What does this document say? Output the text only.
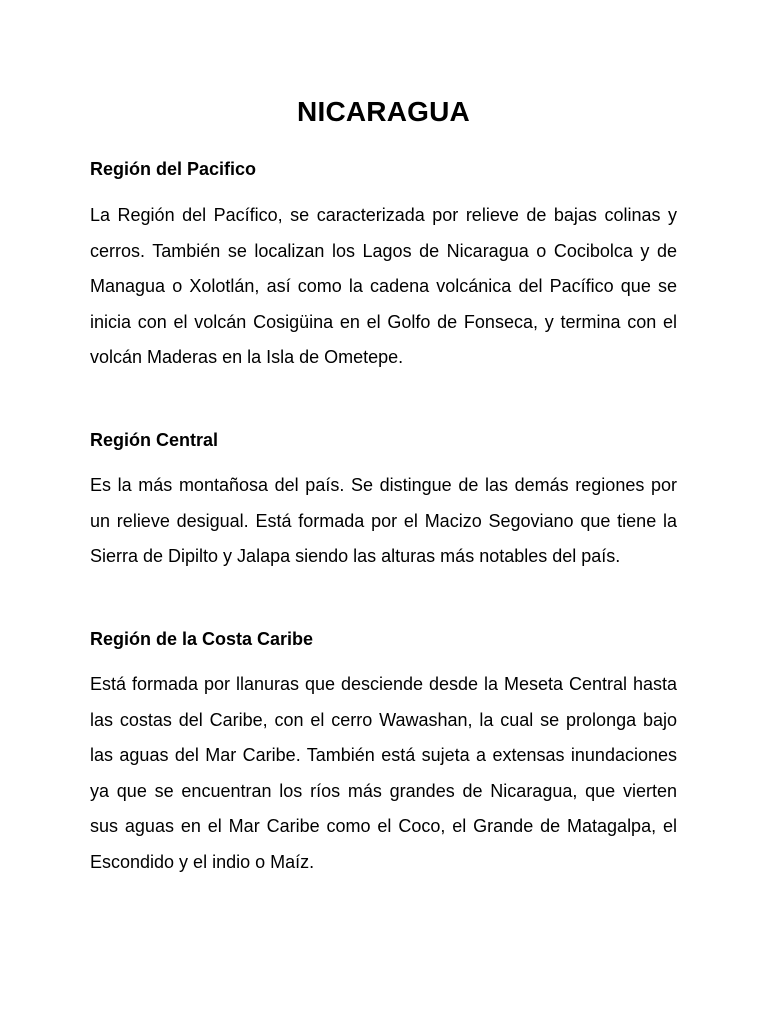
NICARAGUA
Región del Pacifico

La Región del Pacífico, se caracterizada por relieve de bajas colinas y cerros. También se localizan los Lagos de Nicaragua o Cocibolca y de Managua o Xolotlán, así como la cadena volcánica del Pacífico que se inicia con el volcán Cosigüina en el Golfo de Fonseca, y termina con el volcán Maderas en la Isla de Ometepe.

Región Central

Es la más montañosa del país. Se distingue de las demás regiones por un relieve desigual. Está formada por el Macizo Segoviano que tiene la Sierra de Dipilto y Jalapa siendo las alturas más notables del país.

Región de la Costa Caribe

Está formada por llanuras que desciende desde la Meseta Central hasta las costas del Caribe, con el cerro Wawashan, la cual se prolonga bajo las aguas del Mar Caribe. También está sujeta a extensas inundaciones ya que se encuentran los ríos más grandes de Nicaragua, que vierten sus aguas en el Mar Caribe como el Coco, el Grande de Matagalpa, el Escondido y el indio o Maíz.
